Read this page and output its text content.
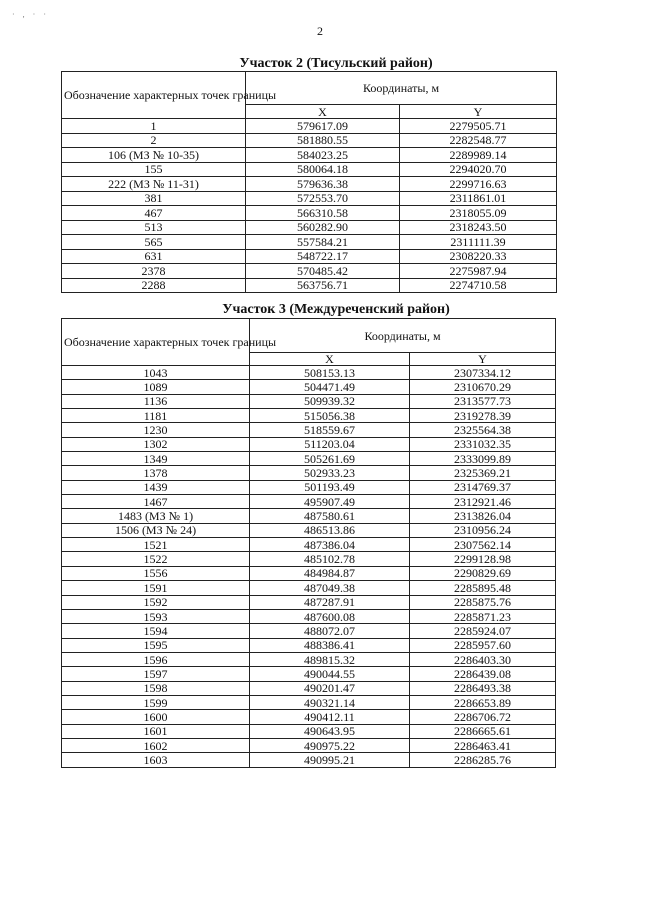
· , · ·
2
Участок 2 (Тисульский район)
Обозначение характерных точек границы	Координаты, м	
	X	Y
1	579617.09	2279505.71
2	581880.55	2282548.77
106 (МЗ № 10-35)	584023.25	2289989.14
155	580064.18	2294020.70
222 (МЗ № 11-31)	579636.38	2299716.63
381	572553.70	2311861.01
467	566310.58	2318055.09
513	560282.90	2318243.50
565	557584.21	2311111.39
631	548722.17	2308220.33
2378	570485.42	2275987.94
2288	563756.71	2274710.58
Участок 3 (Междуреченский район)
Обозначение характерных точек границы	Координаты, м	
	X	Y
1043	508153.13	2307334.12
1089	504471.49	2310670.29
1136	509939.32	2313577.73
1181	515056.38	2319278.39
1230	518559.67	2325564.38
1302	511203.04	2331032.35
1349	505261.69	2333099.89
1378	502933.23	2325369.21
1439	501193.49	2314769.37
1467	495907.49	2312921.46
1483 (МЗ № 1)	487580.61	2313826.04
1506 (МЗ № 24)	486513.86	2310956.24
1521	487386.04	2307562.14
1522	485102.78	2299128.98
1556	484984.87	2290829.69
1591	487049.38	2285895.48
1592	487287.91	2285875.76
1593	487600.08	2285871.23
1594	488072.07	2285924.07
1595	488386.41	2285957.60
1596	489815.32	2286403.30
1597	490044.55	2286439.08
1598	490201.47	2286493.38
1599	490321.14	2286653.89
1600	490412.11	2286706.72
1601	490643.95	2286665.61
1602	490975.22	2286463.41
1603	490995.21	2286285.76
